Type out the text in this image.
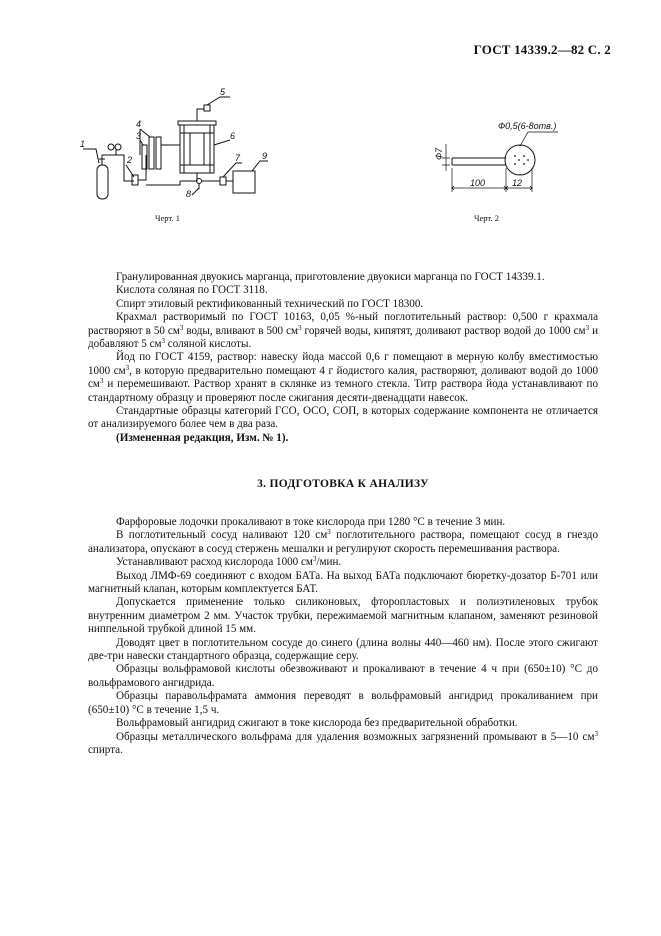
ГОСТ 14339.2—82 С. 2
1
2
3
4
5
6
7
8
9
Черт. 1
Ф7
Ф0,5(6-8отв.)
100	12
Черт. 2

Гранулированная двуокись марганца, приготовление двуокиси марганца по ГОСТ 14339.1.

Кислота соляная по ГОСТ 3118.

Спирт этиловый ректификованный технический по ГОСТ 18300.

Крахмал растворимый по ГОСТ 10163, 0,05 %-ный поглотительный раствор: 0,500 г крахмала растворяют в 50 $см^3$ воды, вливают в 500 $см^3$ горячей воды, кипятят, доливают раствор водой до 1000 $см^3$ и добавляют 5 $см^3$ соляной кислоты.

Йод по ГОСТ 4159, раствор: навеску йода массой 0,6 г помещают в мерную колбу вместимостью 1000 $см^3$, в которую предварительно помещают 4 г йодистого калия, растворяют, доливают водой до 1000 $см^3$ и перемешивают. Раствор хранят в склянке из темного стекла. Титр раствора йода устанавливают по стандартному образцу и проверяют после сжигания десяти-двенадцати навесок.

Стандартные образцы категорий ГСО, ОСО, СОП, в которых содержание компонента не отличается от анализируемого более чем в два раза.

(Измененная редакция, Изм. № 1).

3. ПОДГОТОВКА К АНАЛИЗУ

Фарфоровые лодочки прокаливают в токе кислорода при 1280 °С в течение 3 мин.

В поглотительный сосуд наливают 120 $см^3$ поглотительного раствора, помещают сосуд в гнездо анализатора, опускают в сосуд стержень мешалки и регулируют скорость перемешивания раствора.

Устанавливают расход кислорода 1000 $см^3$/мин.

Выход ЛМФ-69 соединяют с входом БАТа. На выход БАТа подключают бюретку-дозатор Б-701 или магнитный клапан, которым комплектуется БАТ.

Допускается применение только силиконовых, фторопластовых и полиэтиленовых трубок внутренним диаметром 2 мм. Участок трубки, пережимаемой магнитным клапаном, заменяют резиновой ниппельной трубкой длиной 15 мм.

Доводят цвет в поглотительном сосуде до синего (длина волны 440—460 нм). После этого сжигают две-три навески стандартного образца, содержащие серу.

Образцы вольфрамовой кислоты обезвоживают и прокаливают в течение 4 ч при (650±10) °С до вольфрамового ангидрида.

Образцы паравольфрамата аммония переводят в вольфрамовый ангидрид прокаливанием при (650±10) °С в течение 1,5 ч.

Вольфрамовый ангидрид сжигают в токе кислорода без предварительной обработки.

Образцы металлического вольфрама для удаления возможных загрязнений промывают в 5—10 $см^3$ спирта.
